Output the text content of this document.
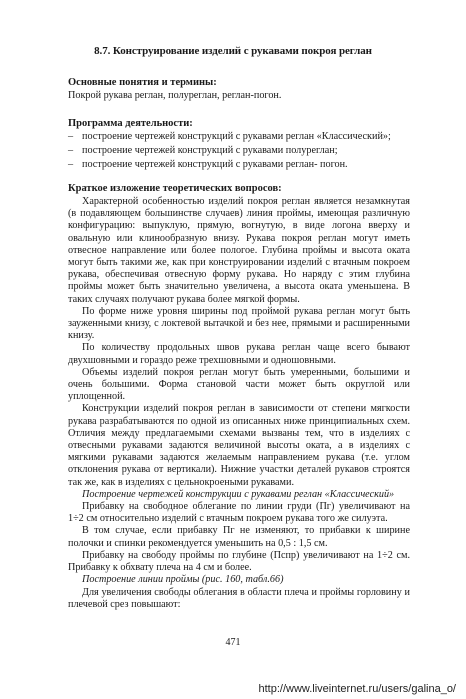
8.7. Конструирование изделий с рукавами покроя реглан
Основные понятия и термины:
Покрой рукава реглан, полуреглан, реглан-погон.
Программа деятельности:
– построение чертежей конструкций с рукавами реглан «Классический»;
– построение чертежей конструкций с рукавами полуреглан;
– построение чертежей конструкций с рукавами реглан- погон.
Краткое изложение теоретических вопросов:

Характерной особенностью изделий покроя реглан является незамкнутая (в подавляющем большинстве случаев) линия проймы, имеющая различную конфигурацию: выпуклую, прямую, вогнутую, в виде логона вверху и овальную или клинообразную внизу. Рукава покроя реглан могут иметь отвесное направление или более пологое. Глубина проймы и высота оката могут быть такими же, как при конструировании изделий с втачным покроем рукава, обеспечивая отвесную форму рукава. Но наряду с этим глубина проймы может быть значительно увеличена, а высота оката уменьшена. В таких случаях получают рукава более мягкой формы.

По форме ниже уровня ширины под проймой рукава реглан могут быть зауженными книзу, с локтевой вытачкой и без нее, прямыми и расширенными книзу.

По количеству продольных швов рукава реглан чаще всего бывают двухшовными и гораздо реже трехшовными и одношовными.

Объемы изделий покроя реглан могут быть умеренными, большими и очень большими. Форма становой части может быть округлой или уплощенной.

Конструкции изделий покроя реглан в зависимости от степени мягкости рукава разрабатываются по одной из описанных ниже принципиальных схем. Отличия между предлагаемыми схемами вызваны тем, что в изделиях с отвесными рукавами задаются величиной высоты оката, а в изделиях с мягкими рукавами задаются желаемым направлением рукава (т.е. углом отклонения рукава от вертикали). Нижние участки деталей рукавов строятся так же, как в изделиях с цельнокроеными рукавами.

Построение чертежей конструкции с рукавами реглан «Классический»

Прибавку на свободное облегание по линии груди (Пг) увеличивают на 1÷2 см относительно изделий с втачным покроем рукава того же силуэта.

В том случае, если прибавку Пг не изменяют, то прибавки к ширине полочки и спинки рекомендуется уменьшить на 0,5 : 1,5 см.

Прибавку на свободу проймы по глубине (Пспр) увеличивают на 1÷2 см. Прибавку к обхвату плеча на 4 см и более.

Построение линии проймы (рис. 160, табл.66)

Для увеличения свободы облегания в области плеча и проймы горловину и плечевой срез повышают:

471
http://www.liveinternet.ru/users/galina_o/
